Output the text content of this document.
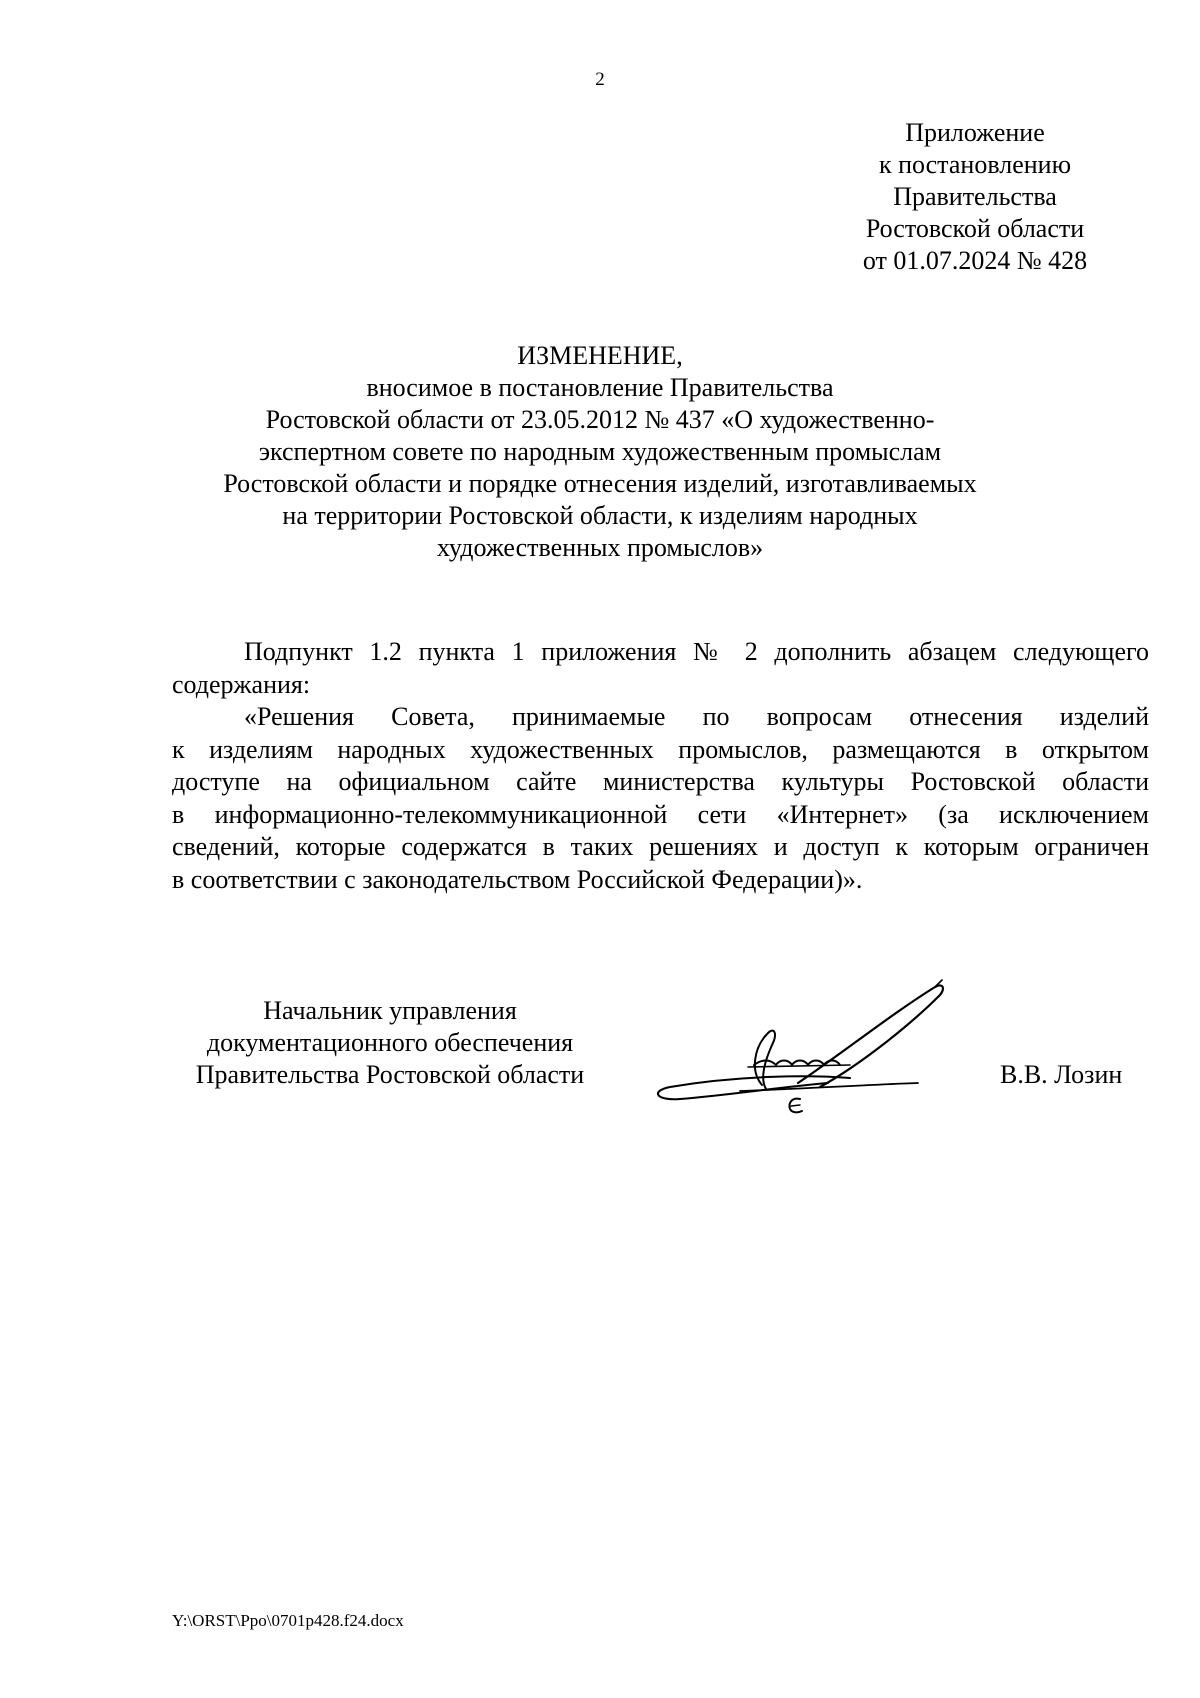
2
Приложение
к постановлению
Правительства
Ростовской области
от 01.07.2024 № 428
ИЗМЕНЕНИЕ,
вносимое в постановление Правительства
Ростовской области от 23.05.2012 № 437 «О художественно-
экспертном совете по народным художественным промыслам
Ростовской области и порядке отнесения изделий, изготавливаемых
на территории Ростовской области, к изделиям народных
художественных промыслов»

Подпункт 1.2 пункта 1 приложения № 2 дополнить абзацем следующего
содержания:

«Решения Совета, принимаемые по вопросам отнесения изделий
к изделиям народных художественных промыслов, размещаются в открытом
доступе на официальном сайте министерства культуры Ростовской области
в информационно-телекоммуникационной сети «Интернет» (за исключением
сведений, которые содержатся в таких решениях и доступ к которым ограничен
в соответствии с законодательством Российской Федерации)».

Начальник управления
документационного обеспечения
Правительства Ростовской области	В.В. Лозин
Y:\ORST\Ppo\0701p428.f24.docx
